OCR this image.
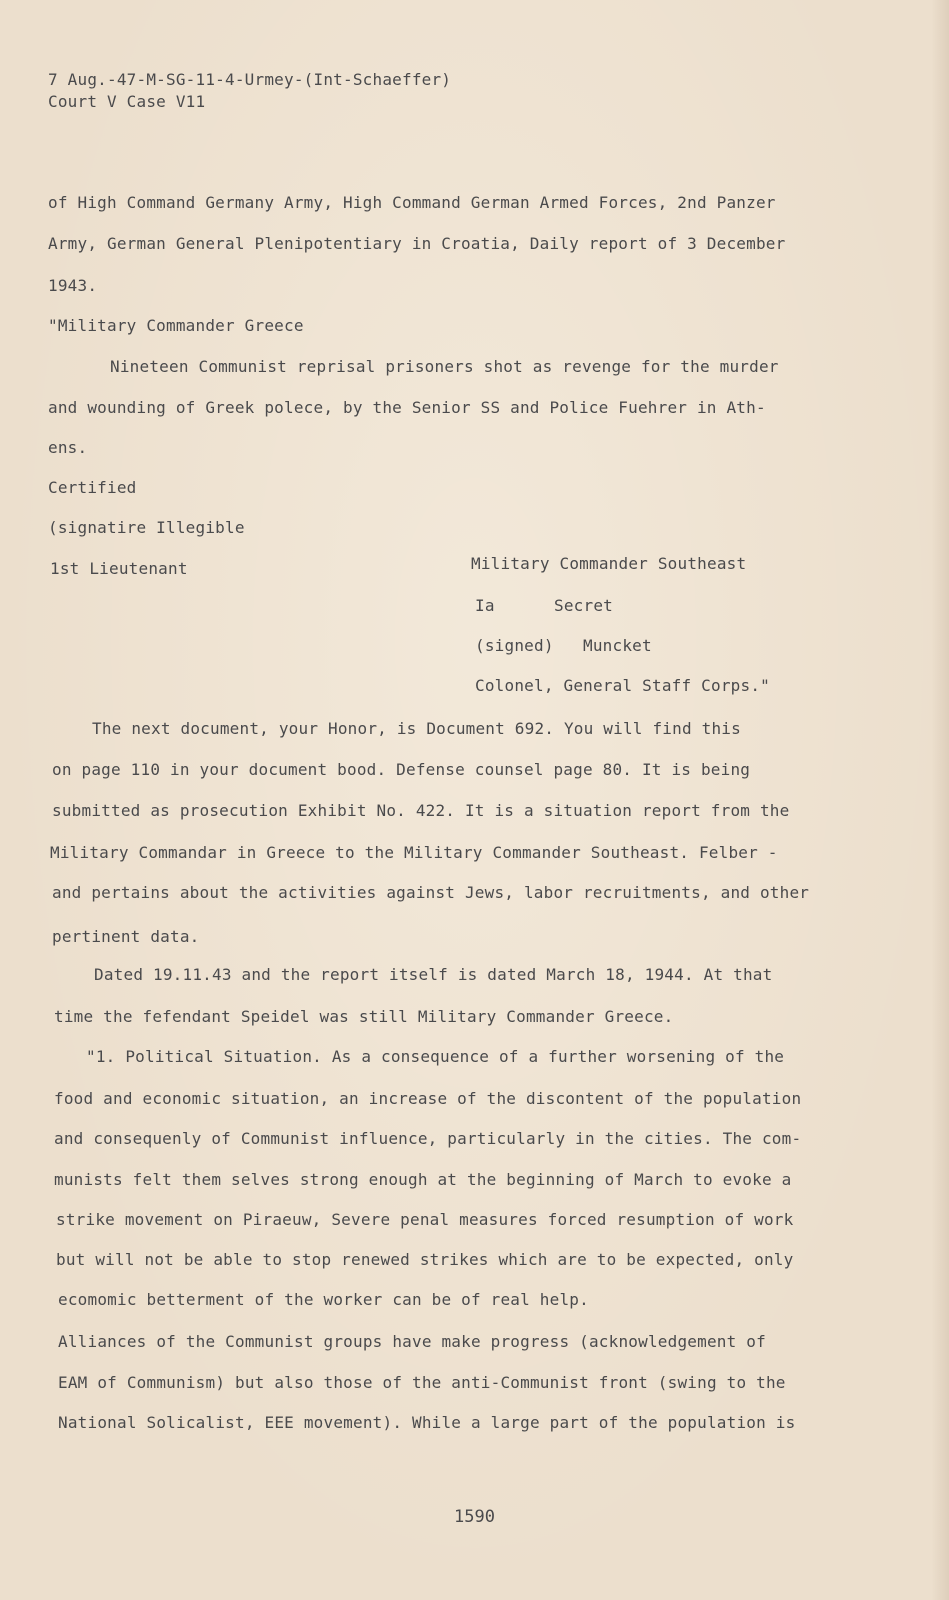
7 Aug.-47-M-SG-11-4-Urmey-(Int-Schaeffer)
Court V Case V11
of High Command Germany Army, High Command German Armed Forces, 2nd Panzer
Army, German General Plenipotentiary in Croatia, Daily report of 3 December
1943.
"Military Commander Greece
Nineteen Communist reprisal prisoners shot as revenge for the murder
and wounding of Greek polece, by the Senior SS and Police Fuehrer in Ath-
ens.
Certified
(signatire Illegible
1st Lieutenant	Military Commander Southeast
Ia	Secret
(signed) Muncket
Colonel, General Staff Corps."
The next document, your Honor, is Document 692. You will find this
on page 110 in your document bood. Defense counsel page 80. It is being
submitted as prosecution Exhibit No. 422. It is a situation report from the
Military Commandar in Greece to the Military Commander Southeast. Felber -
and pertains about the activities against Jews, labor recruitments, and other
pertinent data.
Dated 19.11.43 and the report itself is dated March 18, 1944. At that
time the fefendant Speidel was still Military Commander Greece.
"1. Political Situation. As a consequence of a further worsening of the
food and economic situation, an increase of the discontent of the population
and consequenly of Communist influence, particularly in the cities. The com-
munists felt them selves strong enough at the beginning of March to evoke a
strike movement on Piraeuw, Severe penal measures forced resumption of work
but will not be able to stop renewed strikes which are to be expected, only
ecomomic betterment of the worker can be of real help.
Alliances of the Communist groups have make progress (acknowledgement of
EAM of Communism) but also those of the anti-Communist front (swing to the
National Solicalist, EEE movement). While a large part of the population is
1590
